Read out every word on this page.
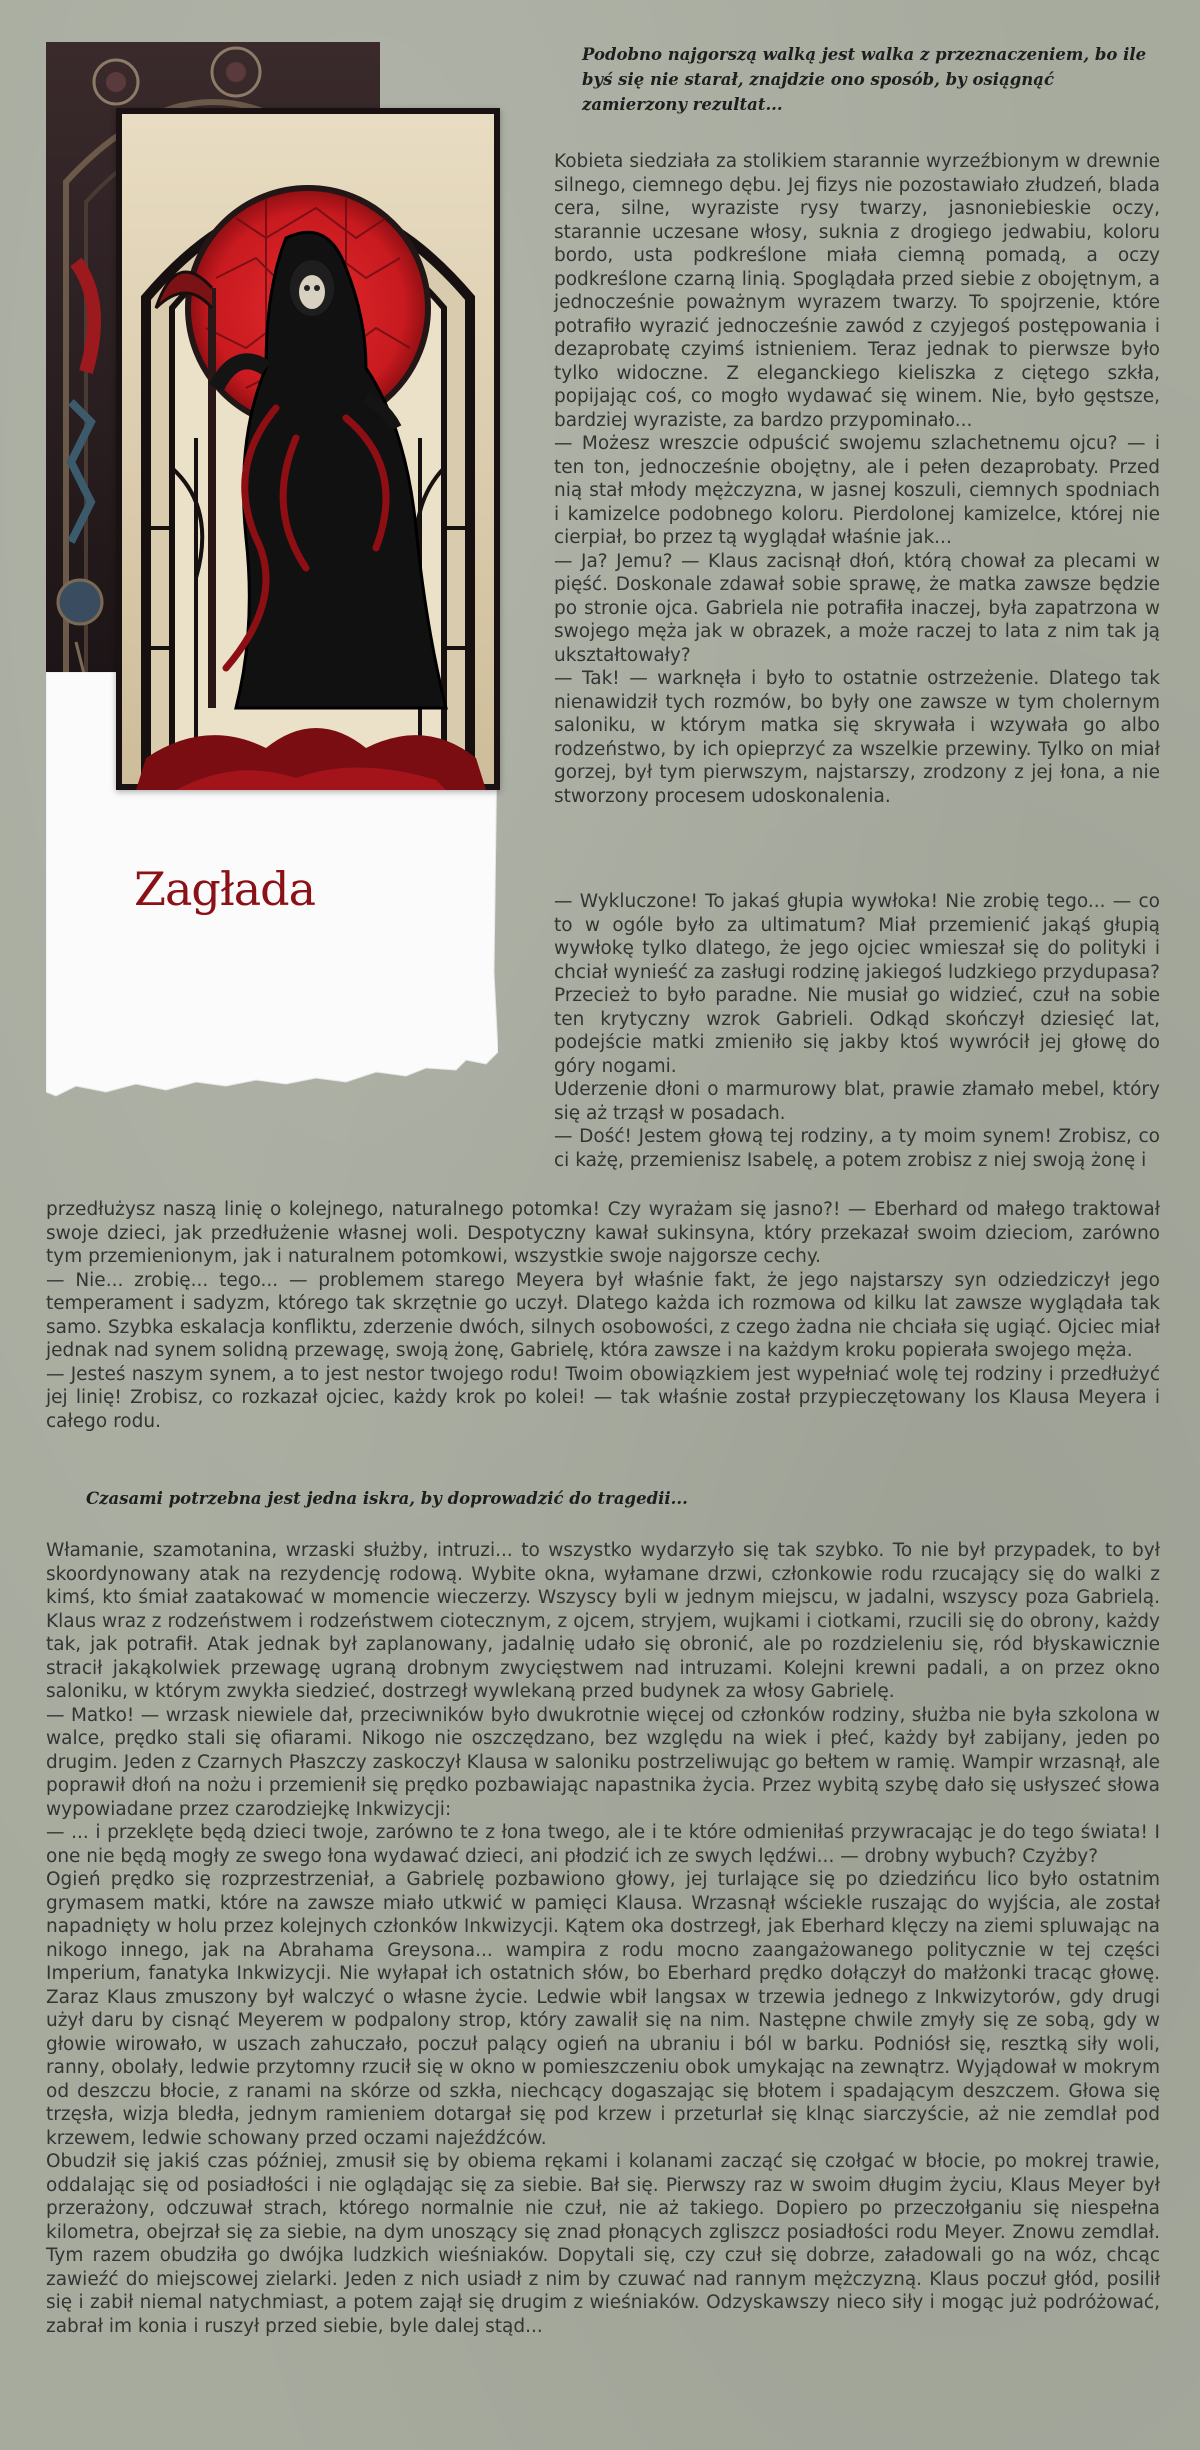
Zagłada
Podobno najgorszą walką jest walka z przeznaczeniem, bo ile byś się nie starał, znajdzie ono sposób, by osiągnąć zamierzony rezultat...

Kobieta siedziała za stolikiem starannie wyrzeźbionym w drewnie silnego, ciemnego dębu. Jej fizys nie pozostawiało złudzeń, blada cera, silne, wyraziste rysy twarzy, jasnoniebieskie oczy, starannie uczesane włosy, suknia z drogiego jedwabiu, koloru bordo, usta podkreślone miała ciemną pomadą, a oczy podkreślone czarną linią. Spoglądała przed siebie z obojętnym, a jednocześnie poważnym wyrazem twarzy. To spojrzenie, które potrafiło wyrazić jednocześnie zawód z czyjegoś postępowania i dezaprobatę czyimś istnieniem. Teraz jednak to pierwsze było tylko widoczne. Z eleganckiego kieliszka z ciętego szkła, popijając coś, co mogło wydawać się winem. Nie, było gęstsze, bardziej wyraziste, za bardzo przypominało...

— Możesz wreszcie odpuścić swojemu szlachetnemu ojcu? — i ten ton, jednocześnie obojętny, ale i pełen dezaprobaty. Przed nią stał młody mężczyzna, w jasnej koszuli, ciemnych spodniach i kamizelce podobnego koloru. Pierdolonej kamizelce, której nie cierpiał, bo przez tą wyglądał właśnie jak...

— Ja? Jemu? — Klaus zacisnął dłoń, którą chował za plecami w pięść. Doskonale zdawał sobie sprawę, że matka zawsze będzie po stronie ojca. Gabriela nie potrafiła inaczej, była zapatrzona w swojego męża jak w obrazek, a może raczej to lata z nim tak ją ukształtowały?

— Tak! — warknęła i było to ostatnie ostrzeżenie. Dlatego tak nienawidził tych rozmów, bo były one zawsze w tym cholernym saloniku, w którym matka się skrywała i wzywała go albo rodzeństwo, by ich opieprzyć za wszelkie przewiny. Tylko on miał gorzej, był tym pierwszym, najstarszy, zrodzony z jej łona, a nie stworzony procesem udoskonalenia.

— Wykluczone! To jakaś głupia wywłoka! Nie zrobię tego... — co to w ogóle było za ultimatum? Miał przemienić jakąś głupią wywłokę tylko dlatego, że jego ojciec wmieszał się do polityki i chciał wynieść za zasługi rodzinę jakiegoś ludzkiego przydupasa? Przecież to było paradne. Nie musiał go widzieć, czuł na sobie ten krytyczny wzrok Gabrieli. Odkąd skończył dziesięć lat, podejście matki zmieniło się jakby ktoś wywrócił jej głowę do góry nogami.

Uderzenie dłoni o marmurowy blat, prawie złamało mebel, który się aż trząsł w posadach.

— Dość! Jestem głową tej rodziny, a ty moim synem! Zrobisz, co ci każę, przemienisz Isabelę, a potem zrobisz z niej swoją żonę i

przedłużysz naszą linię o kolejnego, naturalnego potomka! Czy wyrażam się jasno?! — Eberhard od małego traktował swoje dzieci, jak przedłużenie własnej woli. Despotyczny kawał sukinsyna, który przekazał swoim dzieciom, zarówno tym przemienionym, jak i naturalnem potomkowi, wszystkie swoje najgorsze cechy.

— Nie... zrobię... tego... — problemem starego Meyera był właśnie fakt, że jego najstarszy syn odziedziczył jego temperament i sadyzm, którego tak skrzętnie go uczył. Dlatego każda ich rozmowa od kilku lat zawsze wyglądała tak samo. Szybka eskalacja konfliktu, zderzenie dwóch, silnych osobowości, z czego żadna nie chciała się ugiąć. Ojciec miał jednak nad synem solidną przewagę, swoją żonę, Gabrielę, która zawsze i na każdym kroku popierała swojego męża.

— Jesteś naszym synem, a to jest nestor twojego rodu! Twoim obowiązkiem jest wypełniać wolę tej rodziny i przedłużyć jej linię! Zrobisz, co rozkazał ojciec, każdy krok po kolei! — tak właśnie został przypieczętowany los Klausa Meyera i całego rodu.

Czasami potrzebna jest jedna iskra, by doprowadzić do tragedii...

Włamanie, szamotanina, wrzaski służby, intruzi... to wszystko wydarzyło się tak szybko. To nie był przypadek, to był skoordynowany atak na rezydencję rodową. Wybite okna, wyłamane drzwi, członkowie rodu rzucający się do walki z kimś, kto śmiał zaatakować w momencie wieczerzy. Wszyscy byli w jednym miejscu, w jadalni, wszyscy poza Gabrielą. Klaus wraz z rodzeństwem i rodzeństwem ciotecznym, z ojcem, stryjem, wujkami i ciotkami, rzucili się do obrony, każdy tak, jak potrafił. Atak jednak był zaplanowany, jadalnię udało się obronić, ale po rozdzieleniu się, ród błyskawicznie stracił jakąkolwiek przewagę ugraną drobnym zwycięstwem nad intruzami. Kolejni krewni padali, a on przez okno saloniku, w którym zwykła siedzieć, dostrzegł wywlekaną przed budynek za włosy Gabrielę.

— Matko! — wrzask niewiele dał, przeciwników było dwukrotnie więcej od członków rodziny, służba nie była szkolona w walce, prędko stali się ofiarami. Nikogo nie oszczędzano, bez względu na wiek i płeć, każdy był zabijany, jeden po drugim. Jeden z Czarnych Płaszczy zaskoczył Klausa w saloniku postrzeliwując go bełtem w ramię. Wampir wrzasnął, ale poprawił dłoń na nożu i przemienił się prędko pozbawiając napastnika życia. Przez wybitą szybę dało się usłyszeć słowa wypowiadane przez czarodziejkę Inkwizycji:

— ... i przeklęte będą dzieci twoje, zarówno te z łona twego, ale i te które odmieniłaś przywracając je do tego świata! I one nie będą mogły ze swego łona wydawać dzieci, ani płodzić ich ze swych lędźwi... — drobny wybuch? Czyżby?

Ogień prędko się rozprzestrzeniał, a Gabrielę pozbawiono głowy, jej turlające się po dziedzińcu lico było ostatnim grymasem matki, które na zawsze miało utkwić w pamięci Klausa. Wrzasnął wściekle ruszając do wyjścia, ale został napadnięty w holu przez kolejnych członków Inkwizycji. Kątem oka dostrzegł, jak Eberhard klęczy na ziemi spluwając na nikogo innego, jak na Abrahama Greysona... wampira z rodu mocno zaangażowanego politycznie w tej części Imperium, fanatyka Inkwizycji. Nie wyłapał ich ostatnich słów, bo Eberhard prędko dołączył do małżonki tracąc głowę. Zaraz Klaus zmuszony był walczyć o własne życie. Ledwie wbił langsax w trzewia jednego z Inkwizytorów, gdy drugi użył daru by cisnąć Meyerem w podpalony strop, który zawalił się na nim. Następne chwile zmyły się ze sobą, gdy w głowie wirowało, w uszach zahuczało, poczuł palący ogień na ubraniu i ból w barku. Podniósł się, resztką siły woli, ranny, obolały, ledwie przytomny rzucił się w okno w pomieszczeniu obok umykając na zewnątrz. Wyjądował w mokrym od deszczu błocie, z ranami na skórze od szkła, niechcący dogaszając się błotem i spadającym deszczem. Głowa się trzęsła, wizja bledła, jednym ramieniem dotargał się pod krzew i przeturlał się klnąc siarczyście, aż nie zemdlał pod krzewem, ledwie schowany przed oczami najeźdźców.

Obudził się jakiś czas później, zmusił się by obiema rękami i kolanami zacząć się czołgać w błocie, po mokrej trawie, oddalając się od posiadłości i nie oglądając się za siebie. Bał się. Pierwszy raz w swoim długim życiu, Klaus Meyer był przerażony, odczuwał strach, którego normalnie nie czuł, nie aż takiego. Dopiero po przeczołganiu się niespełna kilometra, obejrzał się za siebie, na dym unoszący się znad płonących zgliszcz posiadłości rodu Meyer. Znowu zemdlał. Tym razem obudziła go dwójka ludzkich wieśniaków. Dopytali się, czy czuł się dobrze, załadowali go na wóz, chcąc zawieźć do miejscowej zielarki. Jeden z nich usiadł z nim by czuwać nad rannym mężczyzną. Klaus poczuł głód, posilił się i zabił niemal natychmiast, a potem zajął się drugim z wieśniaków. Odzyskawszy nieco siły i mogąc już podróżować, zabrał im konia i ruszył przed siebie, byle dalej stąd...
